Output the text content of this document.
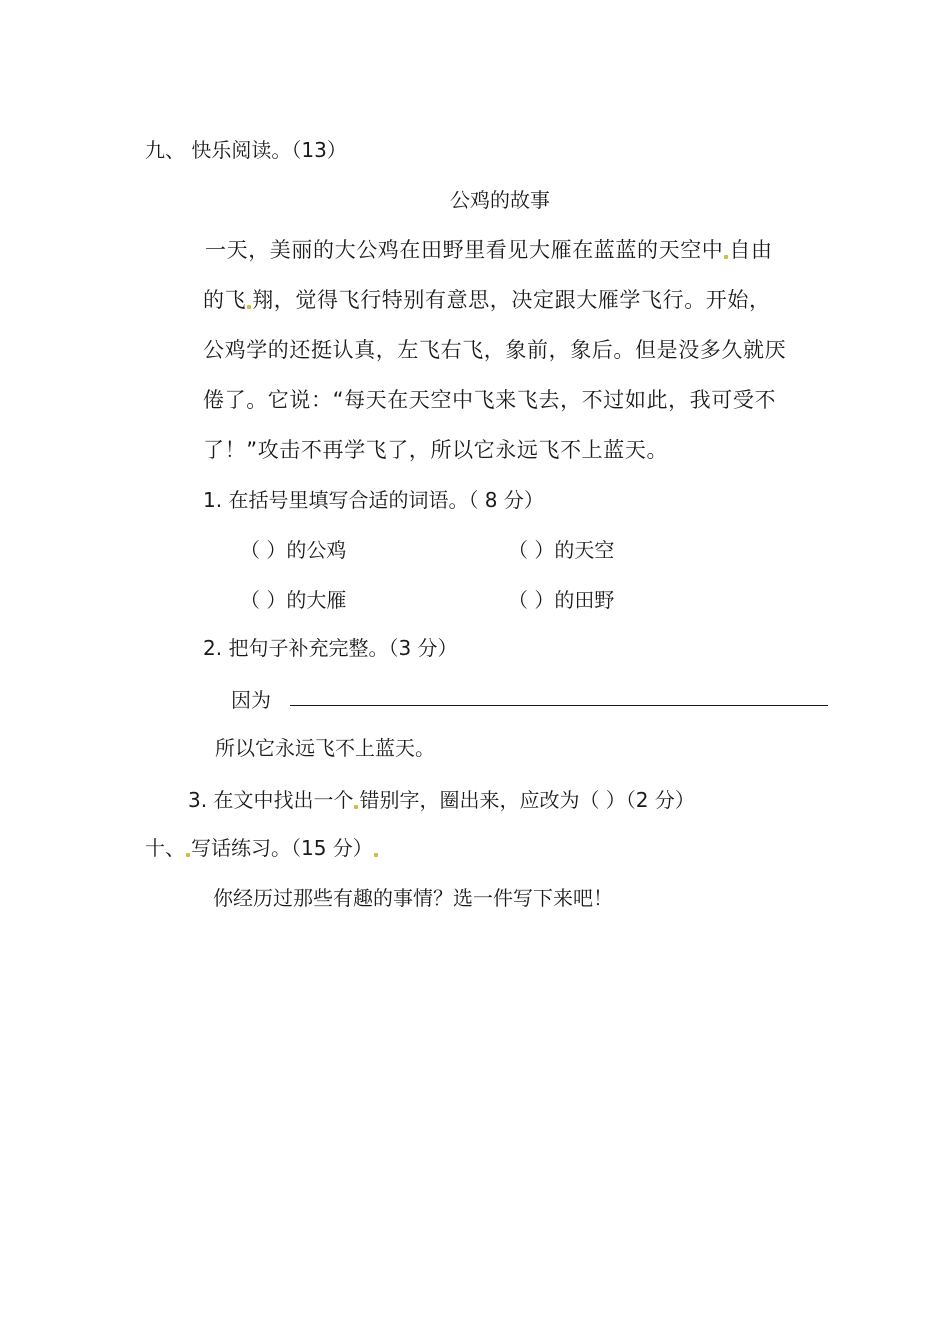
九、 快乐阅读。（13）
公鸡的故事
一天，美丽的大公鸡在田野里看见大雁在蓝蓝的天空中 自由
的飞 翔，觉得飞行特别有意思，决定跟大雁学飞行。开始，
公鸡学的还挺认真，左飞右飞，象前，象后。但是没多久就厌
倦了。它说：“每天在天空中飞来飞去，不过如此，我可受不
了！”攻击不再学飞了，所以它永远飞不上蓝天。
1. 在括号里填写合适的词语。（ 8 分）
（ ）的公鸡	（ ）的天空
（ ）的大雁	（ ）的田野
2. 把句子补充完整。（3 分）
因为
所以它永远飞不上蓝天。
3. 在文中找出一个 错别字，圈出来，应改为（ ）（2 分）
十、 写话练习。（15 分）
你经历过那些有趣的事情？选一件写下来吧！
